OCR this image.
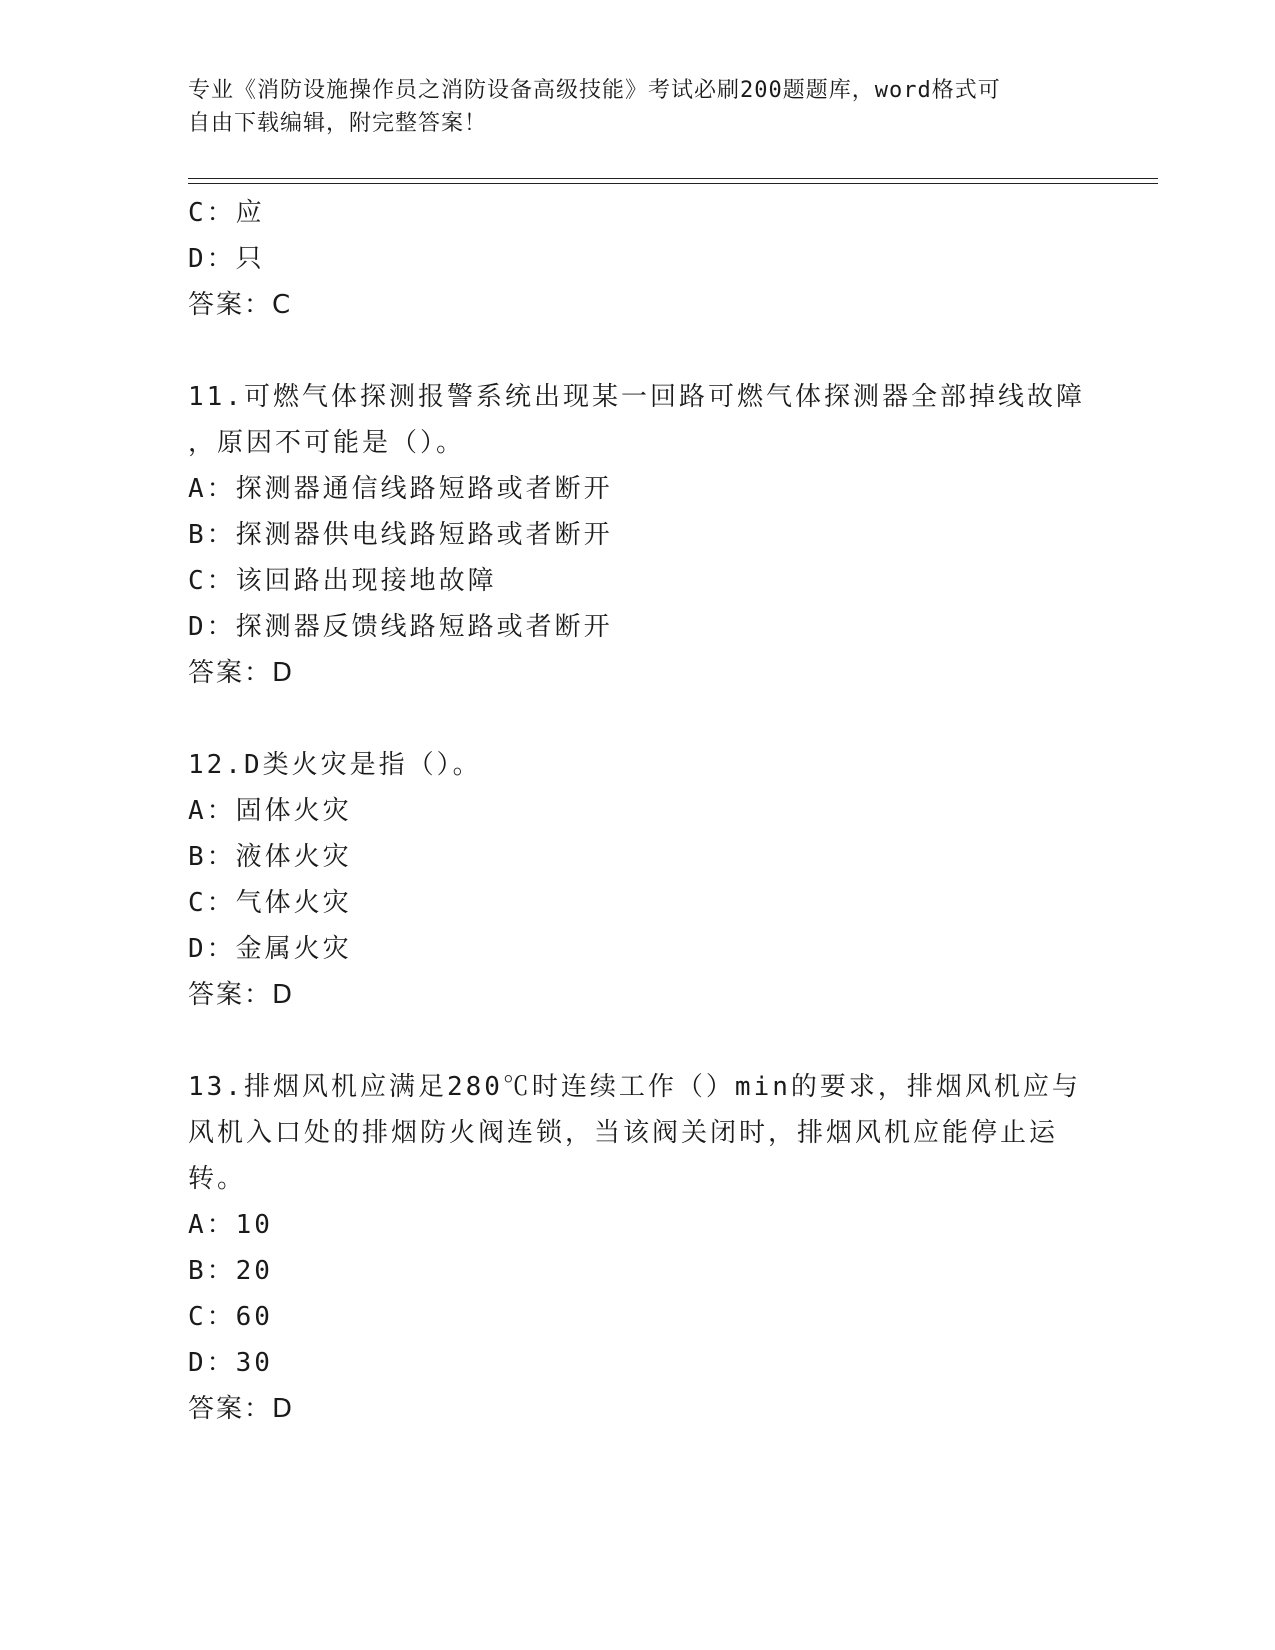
专业《消防设施操作员之消防设备高级技能》考试必刷200题题库，word格式可
自由下载编辑，附完整答案！
C：应
D：只
答案：C
11.可燃气体探测报警系统出现某一回路可燃气体探测器全部掉线故障
，原因不可能是（）。
A：探测器通信线路短路或者断开
B：探测器供电线路短路或者断开
C：该回路出现接地故障
D：探测器反馈线路短路或者断开
答案：D
12.D类火灾是指（）。
A：固体火灾
B：液体火灾
C：气体火灾
D：金属火灾
答案：D
13.排烟风机应满足280℃时连续工作（）min的要求，排烟风机应与
风机入口处的排烟防火阀连锁，当该阀关闭时，排烟风机应能停止运
转。
A：10
B：20
C：60
D：30
答案：D
